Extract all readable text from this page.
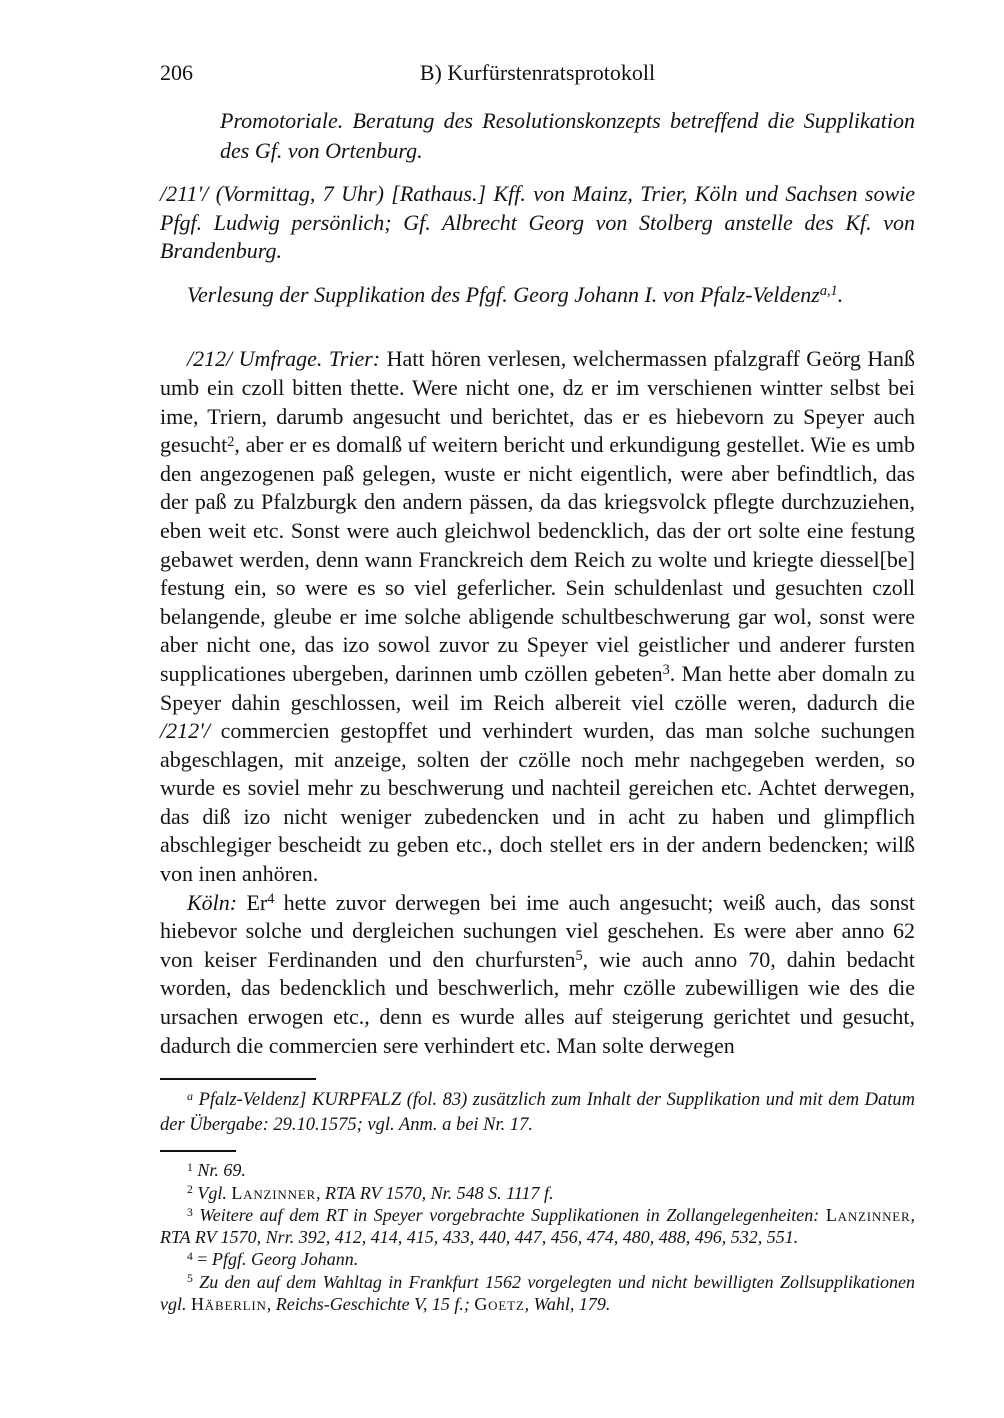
206	B) Kurfürstenratsprotokoll
Promotoriale. Beratung des Resolutionskonzepts betreffend die Supplikation des Gf. von Ortenburg.

/211'/ (Vormittag, 7 Uhr) [Rathaus.] Kff. von Mainz, Trier, Köln und Sachsen sowie Pfgf. Ludwig persönlich; Gf. Albrecht Georg von Stolberg anstelle des Kf. von Brandenburg.

Verlesung der Supplikation des Pfgf. Georg Johann I. von Pfalz-Veldenz$^{a,1}$.

/212/ Umfrage. Trier: Hatt hören verlesen, welchermassen pfalzgraff Geörg Hanß umb ein czoll bitten thette. Were nicht one, dz er im verschienen wintter selbst bei ime, Triern, darumb angesucht und berichtet, das er es hiebevorn zu Speyer auch gesucht$^2$, aber er es domalß uf weitern bericht und erkundigung gestellet. Wie es umb den angezogenen paß gelegen, wuste er nicht eigentlich, were aber befindtlich, das der paß zu Pfalzburgk den andern pässen, da das kriegsvolck pflegte durchzuziehen, eben weit etc. Sonst were auch gleichwol bedencklich, das der ort solte eine festung gebawet werden, denn wann Franckreich dem Reich zu wolte und kriegte diessel[be] festung ein, so were es so viel geferlicher. Sein schuldenlast und gesuchten czoll belangende, gleube er ime solche abligende schultbeschwerung gar wol, sonst were aber nicht one, das izo sowol zuvor zu Speyer viel geistlicher und anderer fursten supplicationes ubergeben, darinnen umb czöllen gebeten$^3$. Man hette aber domaln zu Speyer dahin geschlossen, weil im Reich albereit viel czölle weren, dadurch die /212'/ commercien gestopffet und verhindert wurden, das man solche suchungen abgeschlagen, mit anzeige, solten der czölle noch mehr nachgegeben werden, so wurde es soviel mehr zu beschwerung und nachteil gereichen etc. Achtet derwegen, das diß izo nicht weniger zubedencken und in acht zu haben und glimpflich abschlegiger bescheidt zu geben etc., doch stellet ers in der andern bedencken; wilß von inen anhören.

Köln: Er$^4$ hette zuvor derwegen bei ime auch angesucht; weiß auch, das sonst hiebevor solche und dergleichen suchungen viel geschehen. Es were aber anno 62 von keiser Ferdinanden und den churfursten$^5$, wie auch anno 70, dahin bedacht worden, das bedencklich und beschwerlich, mehr czölle zubewilligen wie des die ursachen erwogen etc., denn es wurde alles auf steigerung gerichtet und gesucht, dadurch die commercien sere verhindert etc. Man solte derwegen

$^a$ Pfalz-Veldenz] KURPFALZ (fol. 83) zusätzlich zum Inhalt der Supplikation und mit dem Datum der Übergabe: 29.10.1575; vgl. Anm. a bei Nr. 17.
$^1$ Nr. 69.
$^2$ Vgl. Lanzinner, RTA RV 1570, Nr. 548 S. 1117 f.
$^3$ Weitere auf dem RT in Speyer vorgebrachte Supplikationen in Zollangelegenheiten: Lanzinner, RTA RV 1570, Nrr. 392, 412, 414, 415, 433, 440, 447, 456, 474, 480, 488, 496, 532, 551.
$^4$ = Pfgf. Georg Johann.
$^5$ Zu den auf dem Wahltag in Frankfurt 1562 vorgelegten und nicht bewilligten Zollsupplikationen vgl. Häberlin, Reichs-Geschichte V, 15 f.; Goetz, Wahl, 179.
